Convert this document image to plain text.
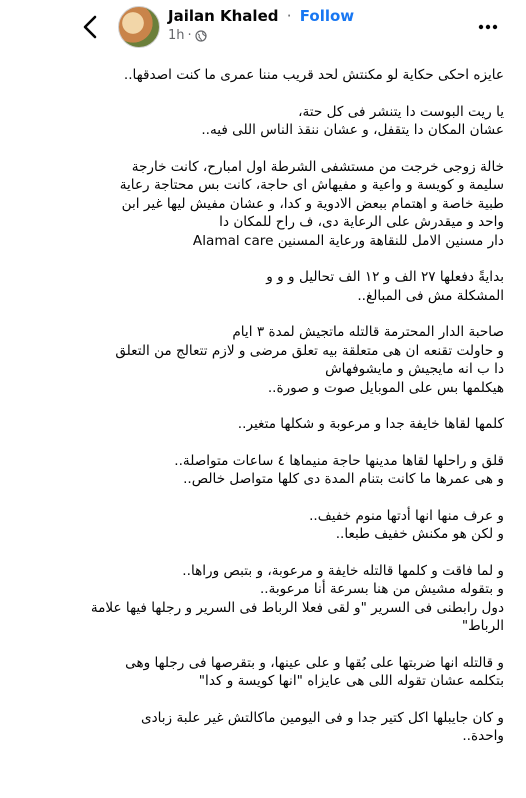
Jailan Khaled · Follow
1h ·
عايزه احكى حكاية لو مكنتش لحد قريب مننا عمرى ما كنت اصدقها..
يا ريت البوست دا يتنشر فى كل حتة،
عشان المكان دا يتقفل، و عشان ننقذ الناس اللى فيه..
خالة زوجى خرجت من مستشفى الشرطة اول امبارح، كانت خارجة
سليمة و كويسة و واعية و مفيهاش اى حاجة، كانت بس محتاجة رعاية
طبية خاصة و اهتمام ببعض الادوية و كدا، و عشان مفيش ليها غير ابن
واحد و ميقدرش على الرعاية دى، ف راح للمكان دا
دار مسنين الامل للنقاهة ورعاية المسنين Alamal care
بدايةً دفعلها ٢٧ الف و ١٢ الف تحاليل و و و
المشكلة مش فى المبالغ..
صاحبة الدار المحترمة قالتله ماتجيش لمدة ٣ ايام
و حاولت تقنعه ان هى متعلقة بيه تعلق مرضى و لازم تتعالج من التعلق
دا ب انه مايجيش و مايشوفهاش
هيكلمها بس على الموبايل صوت و صورة..
كلمها لقاها خايفة جدا و مرعوبة و شكلها متغير..
قلق و راحلها لقاها مدينها حاجة منيماها ٤ ساعات متواصلة..
و هى عمرها ما كانت بتنام المدة دى كلها متواصل خالص..
و عرف منها انها أدتها منوم خفيف..
و لكن هو مكنش خفيف طبعا..
و لما فاقت و كلمها قالتله خايفة و مرعوبة، و بتبص وراها..
و بتقوله مشيش من هنا بسرعة أنا مرعوبة..
دول رابطنى فى السرير "و لقى فعلا الرباط فى السرير و رجلها فيها علامة
الرباط"
و قالتله انها ضربتها على بُقها و على عينها، و بتقرصها فى رجلها وهى
بتكلمه عشان تقوله اللى هى عايزاه "انها كويسة و كدا"
و كان جايبلها اكل كتير جدا و فى اليومين ماكالتش غير علبة زبادى
واحدة..
